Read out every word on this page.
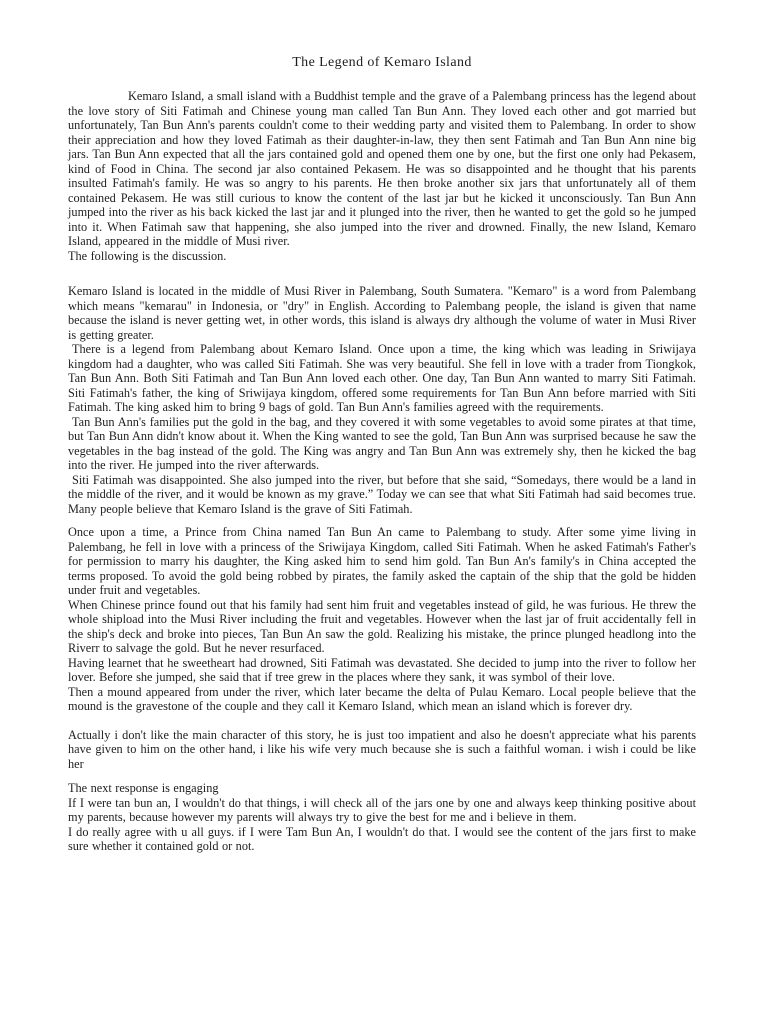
The Legend of Kemaro Island

Kemaro Island, a small island with a Buddhist temple and the grave of a Palembang princess has the legend about the love story of Siti Fatimah and Chinese young man called Tan Bun Ann. They loved each other and got married but unfortunately, Tan Bun Ann's parents couldn't come to their wedding party and visited them to Palembang. In order to show their appreciation and how they loved Fatimah as their daughter-in-law, they then sent Fatimah and Tan Bun Ann nine big jars. Tan Bun Ann expected that all the jars contained gold and opened them one by one, but the first one only had Pekasem, kind of Food in China. The second jar also contained Pekasem. He was so disappointed and he thought that his parents insulted Fatimah's family. He was so angry to his parents. He then broke another six jars that unfortunately all of them contained Pekasem. He was still curious to know the content of the last jar but he kicked it unconsciously. Tan Bun Ann jumped into the river as his back kicked the last jar and it plunged into the river, then he wanted to get the gold so he jumped into it. When Fatimah saw that happening, she also jumped into the river and drowned. Finally, the new Island, Kemaro Island, appeared in the middle of Musi river.

The following is the discussion.

Kemaro Island is located in the middle of Musi River in Palembang, South Sumatera. "Kemaro" is a word from Palembang which means "kemarau" in Indonesia, or "dry" in English. According to Palembang people, the island is given that name because the island is never getting wet, in other words, this island is always dry although the volume of water in Musi River is getting greater.

There is a legend from Palembang about Kemaro Island. Once upon a time, the king which was leading in Sriwijaya kingdom had a daughter, who was called Siti Fatimah. She was very beautiful. She fell in love with a trader from Tiongkok, Tan Bun Ann. Both Siti Fatimah and Tan Bun Ann loved each other. One day, Tan Bun Ann wanted to marry Siti Fatimah. Siti Fatimah's father, the king of Sriwijaya kingdom, offered some requirements for Tan Bun Ann before married with Siti Fatimah. The king asked him to bring 9 bags of gold. Tan Bun Ann's families agreed with the requirements.

Tan Bun Ann's families put the gold in the bag, and they covered it with some vegetables to avoid some pirates at that time, but Tan Bun Ann didn't know about it. When the King wanted to see the gold, Tan Bun Ann was surprised because he saw the vegetables in the bag instead of the gold. The King was angry and Tan Bun Ann was extremely shy, then he kicked the bag into the river. He jumped into the river afterwards.

Siti Fatimah was disappointed. She also jumped into the river, but before that she said, “Somedays, there would be a land in the middle of the river, and it would be known as my grave.” Today we can see that what Siti Fatimah had said becomes true. Many people believe that Kemaro Island is the grave of Siti Fatimah.

Once upon a time, a Prince from China named Tan Bun An came to Palembang to study. After some yime living in Palembang, he fell in love with a princess of the Sriwijaya Kingdom, called Siti Fatimah. When he asked Fatimah's Father's for permission to marry his daughter, the King asked him to send him gold. Tan Bun An's family's in China accepted the terms proposed. To avoid the gold being robbed by pirates, the family asked the captain of the ship that the gold be hidden under fruit and vegetables.

When Chinese prince found out that his family had sent him fruit and vegetables instead of gild, he was furious. He threw the whole shipload into the Musi River including the fruit and vegetables. However when the last jar of fruit accidentally fell in the ship's deck and broke into pieces, Tan Bun An saw the gold. Realizing his mistake, the prince plunged headlong into the Riverr to salvage the gold. But he never resurfaced.

Having learnet that he sweetheart had drowned, Siti Fatimah was devastated. She decided to jump into the river to follow her lover. Before she jumped, she said that if tree grew in the places where they sank, it was symbol of their love.

Then a mound appeared from under the river, which later became the delta of Pulau Kemaro. Local people believe that the mound is the gravestone of the couple and they call it Kemaro Island, which mean an island which is forever dry.

Actually i don't like the main character of this story, he is just too impatient and also he doesn't appreciate what his parents have given to him on the other hand, i like his wife very much because she is such a faithful woman. i wish i could be like her

The next response is engaging

If I were tan bun an, I wouldn't do that things, i will check all of the jars one by one and always keep thinking positive about my parents, because however my parents will always try to give the best for me and i believe in them.

I do really agree with u all guys. if I were Tam Bun An, I wouldn't do that. I would see the content of the jars first to make sure whether it contained gold or not.
